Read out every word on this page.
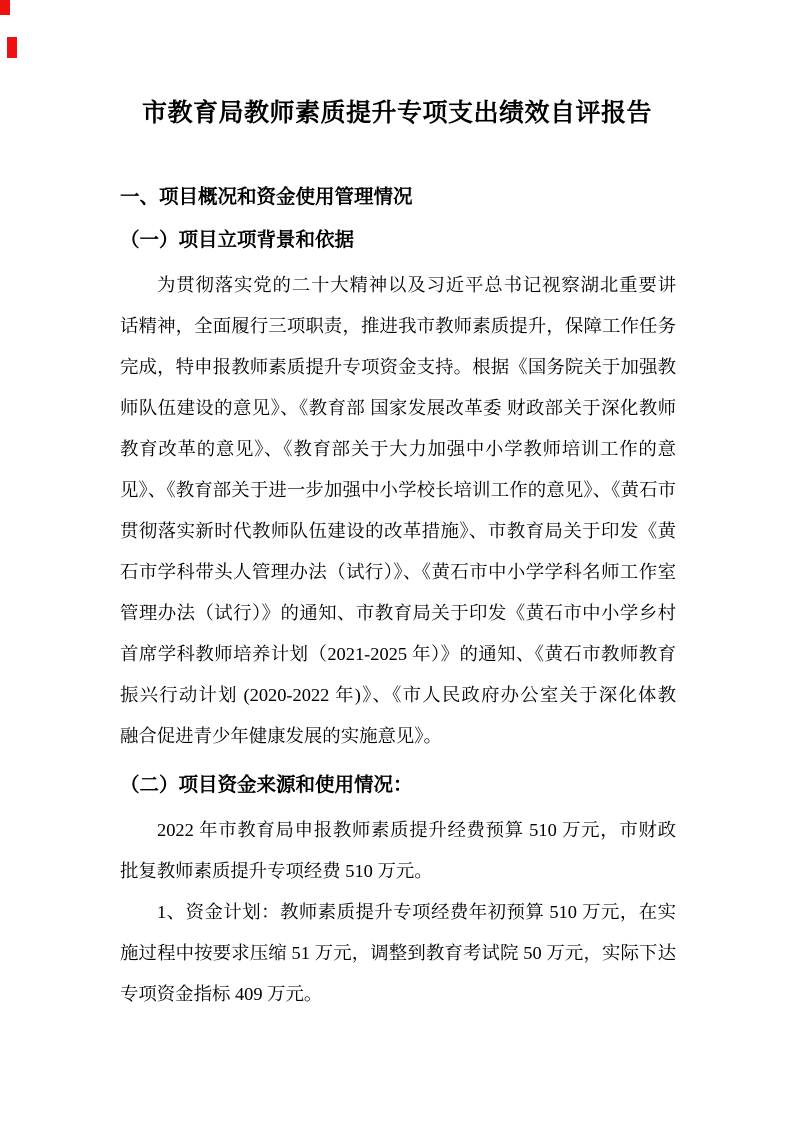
市教育局教师素质提升专项支出绩效自评报告
一、项目概况和资金使用管理情况
（一）项目立项背景和依据
为贯彻落实党的二十大精神以及习近平总书记视察湖北重要讲
话精神，全面履行三项职责，推进我市教师素质提升，保障工作任务
完成，特申报教师素质提升专项资金支持。根据《国务院关于加强教
师队伍建设的意见》、《教育部 国家发展改革委 财政部关于深化教师
教育改革的意见》、《教育部关于大力加强中小学教师培训工作的意
见》、《教育部关于进一步加强中小学校长培训工作的意见》、《黄石市
贯彻落实新时代教师队伍建设的改革措施》、市教育局关于印发《黄
石市学科带头人管理办法（试行）》、《黄石市中小学学科名师工作室
管理办法（试行）》的通知、市教育局关于印发《黄石市中小学乡村
首席学科教师培养计划（2021-2025 年）》的通知、《黄石市教师教育
振兴行动计划 (2020-2022 年)》、《市人民政府办公室关于深化体教
融合促进青少年健康发展的实施意见》。
（二）项目资金来源和使用情况：
2022 年市教育局申报教师素质提升经费预算 510 万元，市财政
批复教师素质提升专项经费 510 万元。
1、资金计划：教师素质提升专项经费年初预算 510 万元，在实
施过程中按要求压缩 51 万元，调整到教育考试院 50 万元，实际下达
专项资金指标 409 万元。
